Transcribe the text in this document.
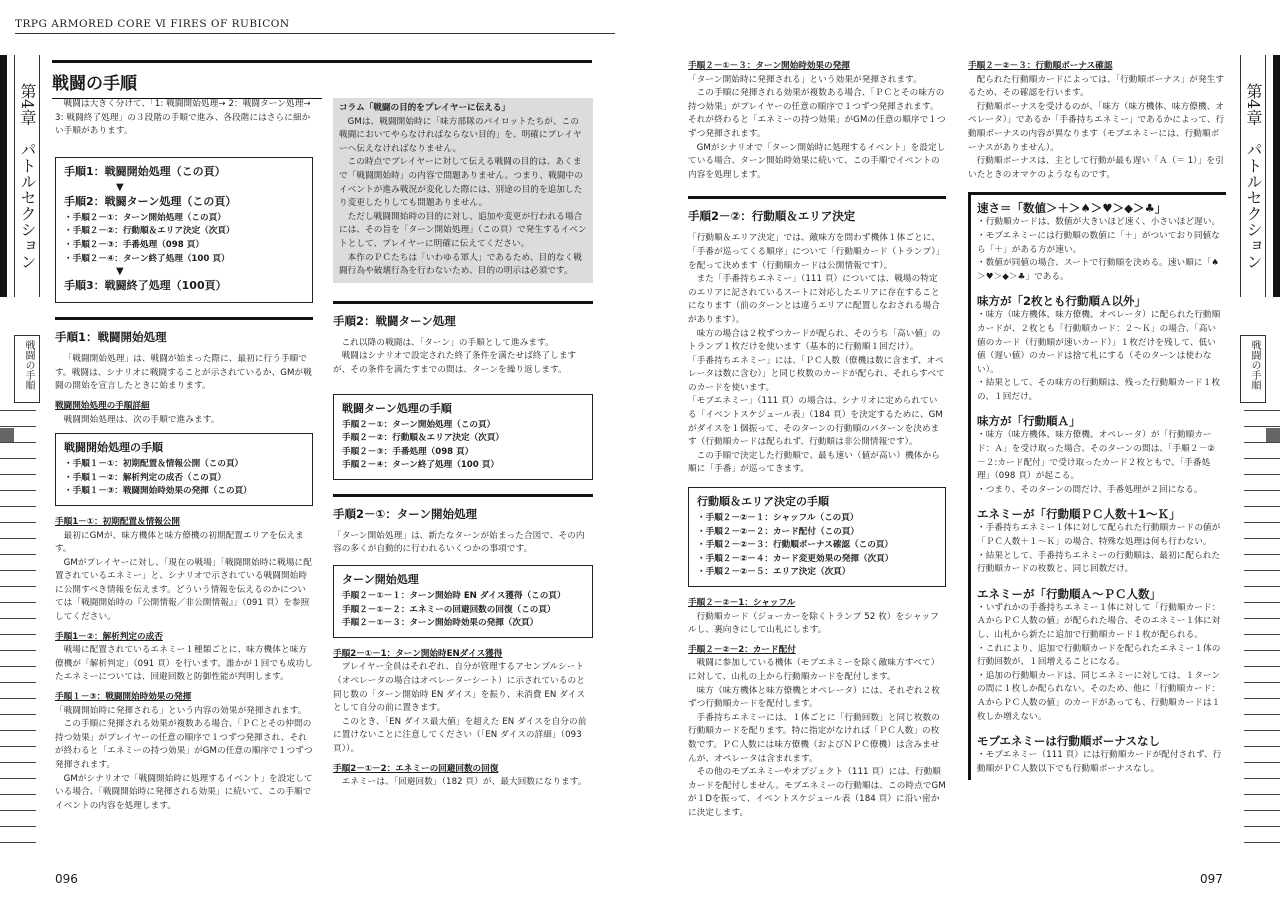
TRPG ARMORED CORE Ⅵ FIRES OF RUBICON
第4章　パトルセクション
戦闘の手順
第4章　パトルセクション
戦闘の手順
戦闘の手順

戦闘は大きく分けて、「1: 戦闘開始処理→ 2：戦闘ターン処理→ 3: 戦闘終了処理」の３段階の手順で進み、各段階にはさらに細かい手順があります。

手順1：戦闘開始処理（この頁）
▼
手順2：戦闘ターン処理（この頁）
・手順２－①：ターン開始処理（この頁）
・手順２－②：行動順＆エリア決定（次頁）
・手順２－③：手番処理（098 頁）
・手順２－④：ターン終了処理（100 頁）
▼
手順3：戦闘終了処理（100頁）
手順1：戦闘開始処理

「戦闘開始処理」は、戦闘が始まった際に、最初に行う手順です。戦闘は、シナリオに戦闘することが示されているか、GMが戦闘の開始を宣言したときに始まります。

戦闘開始処理の手順詳細

戦闘開始処理は、次の手順で進みます。

戦闘開始処理の手順
・手順１－①：初期配置＆情報公開（この頁）
・手順１－②：解析判定の成否（この頁）
・手順１－③：戦闘開始時効果の発揮（この頁）
手順1－①：初期配置＆情報公開

最初にGMが、味方機体と味方僚機の初期配置エリアを伝えます。

GMがプレイヤーに対し、「現在の戦場」「戦闘開始時に戦場に配置されているエネミー」と、シナリオで示されている戦闘開始時に公開すべき情報を伝えます。どういう情報を伝えるのかについては「戦闘開始時の『公開情報／非公開情報』」（091 頁）を参照してください。

手順1－②：解析判定の成否

戦場に配置されているエネミー１種類ごとに、味方機体と味方僚機が「解析判定」（091 頁）を行います。誰かが１回でも成功したエネミーについては、回避回数と防御性能が判明します。

手順１－③：戦闘開始時効果の発揮

「戦闘開始時に発揮される」という内容の効果が発揮されます。

この手順に発揮される効果が複数ある場合、「ＰＣとその仲間の持つ効果」がプレイヤーの任意の順序で１つずつ発揮され、それが終わると「エネミーの持つ効果」がGMの任意の順序で１つずつ発揮されます。

GMがシナリオで「戦闘開始時に処理するイベント」を設定している場合、「戦闘開始時に発揮される効果」に続いて、この手順でイベントの内容を処理します。

コラム「戦闘の目的をプレイヤーに伝える」

GMは、戦闘開始時に「味方部隊のパイロットたちが、この戦闘においてやらなければならない目的」を、明確にプレイヤーへ伝えなければなりません。

この時点でプレイヤーに対して伝える戦闘の目的は、あくまで「戦闘開始時」の内容で問題ありません。つまり、戦闘中のイベントが進み戦況が変化した際には、別途の目的を追加したり変更したりしても問題ありません。

ただし戦闘開始時の目的に対し、追加や変更が行われる場合には、その旨を「ターン開始処理」（この頁）で発生するイベントとして、プレイヤーに明確に伝えてください。

本作のＰＣたちは「いわゆる軍人」であるため、目的なく戦闘行為や破壊行為を行わないため、目的の明示は必須です。

手順2：戦闘ターン処理

これ以降の戦闘は、「ターン」の手順として進みます。

戦闘はシナリオで設定された終了条件を満たせば終了しますが、その条件を満たすまでの間は、ターンを繰り返します。

戦闘ターン処理の手順
手順２－①：ターン開始処理（この頁）
手順２－②：行動順＆エリア決定（次頁）
手順２－③：手番処理（098 頁）
手順２－④：ターン終了処理（100 頁）
手順2－①：ターン開始処理

「ターン開始処理」は、新たなターンが始まった合図で、その内容の多くが自動的に行われるいくつかの事項です。

ターン開始処理
手順２－①－１：ターン開始時 EN ダイス獲得（この頁）
手順２－①－２：エネミーの回避回数の回復（この頁）
手順２－①－３：ターン開始時効果の発揮（次頁）
手順2－①－1：ターン開始時ENダイス獲得

プレイヤー全員はそれぞれ、自分が管理するアセンブルシート（オペレータの場合はオペレーターシート）に示されているのと同じ数の「ターン開始時 EN ダイス」を振り、未消費 EN ダイスとして自分の前に置きます。

このとき、「EN ダイス最大値」を超えた EN ダイスを自分の前に置けないことに注意してください（「EN ダイスの詳細」（093 頁））。

手順2－①－2：エネミーの回避回数の回復

エネミーは、「回避回数」（182 頁）が、最大回数になります。

手順２－①－３：ターン開始時効果の発揮

「ターン開始時に発揮される」という効果が発揮されます。

この手順に発揮される効果が複数ある場合、「ＰＣとその味方の持つ効果」がプレイヤーの任意の順序で１つずつ発揮されます。それが終わると「エネミーの持つ効果」がGMの任意の順序で１つずつ発揮されます。

GMがシナリオで「ターン開始時に処理するイベント」を設定している場合、ターン開始時効果に続いて、この手順でイベントの内容を処理します。

手順2－②：行動順＆エリア決定

「行動順＆エリア決定」では、敵味方を問わず機体１体ごとに、「手番が巡ってくる順序」について「行動順カード（トランプ）」を配って決めます（行動順カードは公開情報です）。

また「手番持ちエネミー」（111 頁）については、戦場の特定のエリアに記されているスートに対応したエリアに存在することになります（前のターンとは違うエリアに配置しなおされる場合があります）。

味方の場合は２枚ずつカードが配られ、そのうち「高い値」のトランプ１枚だけを使います（基本的に行動順１回だけ）。

「手番持ちエネミー」には、「ＰＣ人数（僚機は数に含まず、オペレータは数に含む）」と同じ枚数のカードが配られ、それらすべてのカードを使います。

「モブエネミー」（111 頁）の場合は、シナリオに定められている「イベントスケジュール表」（184 頁）を決定するために、GMがダイスを１個振って、そのターンの行動順のパターンを決めます（行動順カードは配られず、行動順は非公開情報です）。

この手順で決定した行動順で、最も速い（値が高い）機体から順に「手番」が巡ってきます。

行動順＆エリア決定の手順
・手順２－②－１：シャッフル（この頁）
・手順２－②－２：カード配付（この頁）
・手順２－②－３：行動順ボーナス確認（この頁）
・手順２－②－４：カード変更効果の発揮（次頁）
・手順２－②－５：エリア決定（次頁）
手順２－②－1：シャッフル

行動順カード（ジョーカーを除くトランプ 52 枚）をシャッフルし、裏向きにして山札にします。

手順２－②－2：カード配付

戦闘に参加している機体（モブエネミーを除く敵味方すべて）に対して、山札の上から行動順カードを配付します。

味方（味方機体と味方僚機とオペレータ）には、それぞれ２枚ずつ行動順カードを配付します。

手番持ちエネミーには、１体ごとに「行動回数」と同じ枚数の行動順カードを配ります。特に指定がなければ「ＰＣ人数」の枚数です。ＰＣ人数には味方僚機（およびＮＰＣ僚機）は含みませんが、オペレータは含まれます。

その他のモブエネミーやオブジェクト（111 頁）には、行動順カードを配付しません。モブエネミーの行動順は、この時点でGMが１Dを振って、イベントスケジュール表（184 頁）に沿い密かに決定します。

手順２－②－３：行動順ボーナス確認

配られた行動順カードによっては、「行動順ボーナス」が発生するため、その確認を行います。

行動順ボーナスを受けるのが、「味方（味方機体、味方僚機、オペレータ）」であるか「手番持ちエネミー」であるかによって、行動順ボーナスの内容が異なります（モブエネミーには、行動順ボーナスがありません）。

行動順ボーナスは、主として行動が最も遅い「Ａ（＝ 1）」を引いたときのオマケのようなものです。

速さ＝「数値＞＋＞♠＞♥＞◆＞♣」
・行動順カードは、数値が大きいほど速く、小さいほど遅い。
・モブエネミーには行動順の数値に「＋」がついており同値なら「＋」がある方が速い。
・数値が同値の場合、スートで行動順を決める。速い順に「♠＞♥＞◆＞♣」である。
味方が「2枚とも行動順Ａ以外」
・味方（味方機体、味方僚機、オペレータ）に配られた行動順カードが、２枚とも「行動順カード：２～Ｋ」の場合、「高い値のカード（行動順が速いカード）」１枚だけを残して、低い値（遅い値）のカードは捨て札にする（そのターンは使わない）。
・結果として、その味方の行動順は、残った行動順カード１枚の、１回だけ。
味方が「行動順Ａ」
・味方（味方機体、味方僚機、オペレータ）が「行動順カード：Ａ」を受け取った場合、そのターンの間は、「手順２－②－２:カード配付」で受け取ったカード２枚ともで、「手番処理」（098 頁）が起こる。
・つまり、そのターンの間だけ、手番処理が２回になる。
エネミーが「行動順ＰＣ人数＋1～Ｋ」
・手番持ちエネミー１体に対して配られた行動順カードの値が「ＰＣ人数＋１～Ｋ」の場合、特殊な処理は何も行わない。
・結果として、手番持ちエネミーの行動順は、最初に配られた行動順カードの枚数と、同じ回数だけ。
エネミーが「行動順Ａ～ＰＣ人数」
・いずれかの手番持ちエネミー１体に対して「行動順カード：ＡからＰＣ人数の値」が配られた場合、そのエネミー１体に対し、山札から新たに追加で行動順カード１枚が配られる。
・これにより、追加で行動順カードを配られたエネミー１体の行動回数が、１回増えることになる。
・追加の行動順カードは、同じエネミーに対しては、１ターンの間に１枚しか配られない。そのため、他に「行動順カード：ＡからＰＣ人数の値」のカードがあっても、行動順カードは１枚しか増えない。
モブエネミーは行動順ボーナスなし
・モブエネミー（111 頁）には行動順カードが配付されず、行動順がＰＣ人数以下でも行動順ボーナスなし。
096	097
